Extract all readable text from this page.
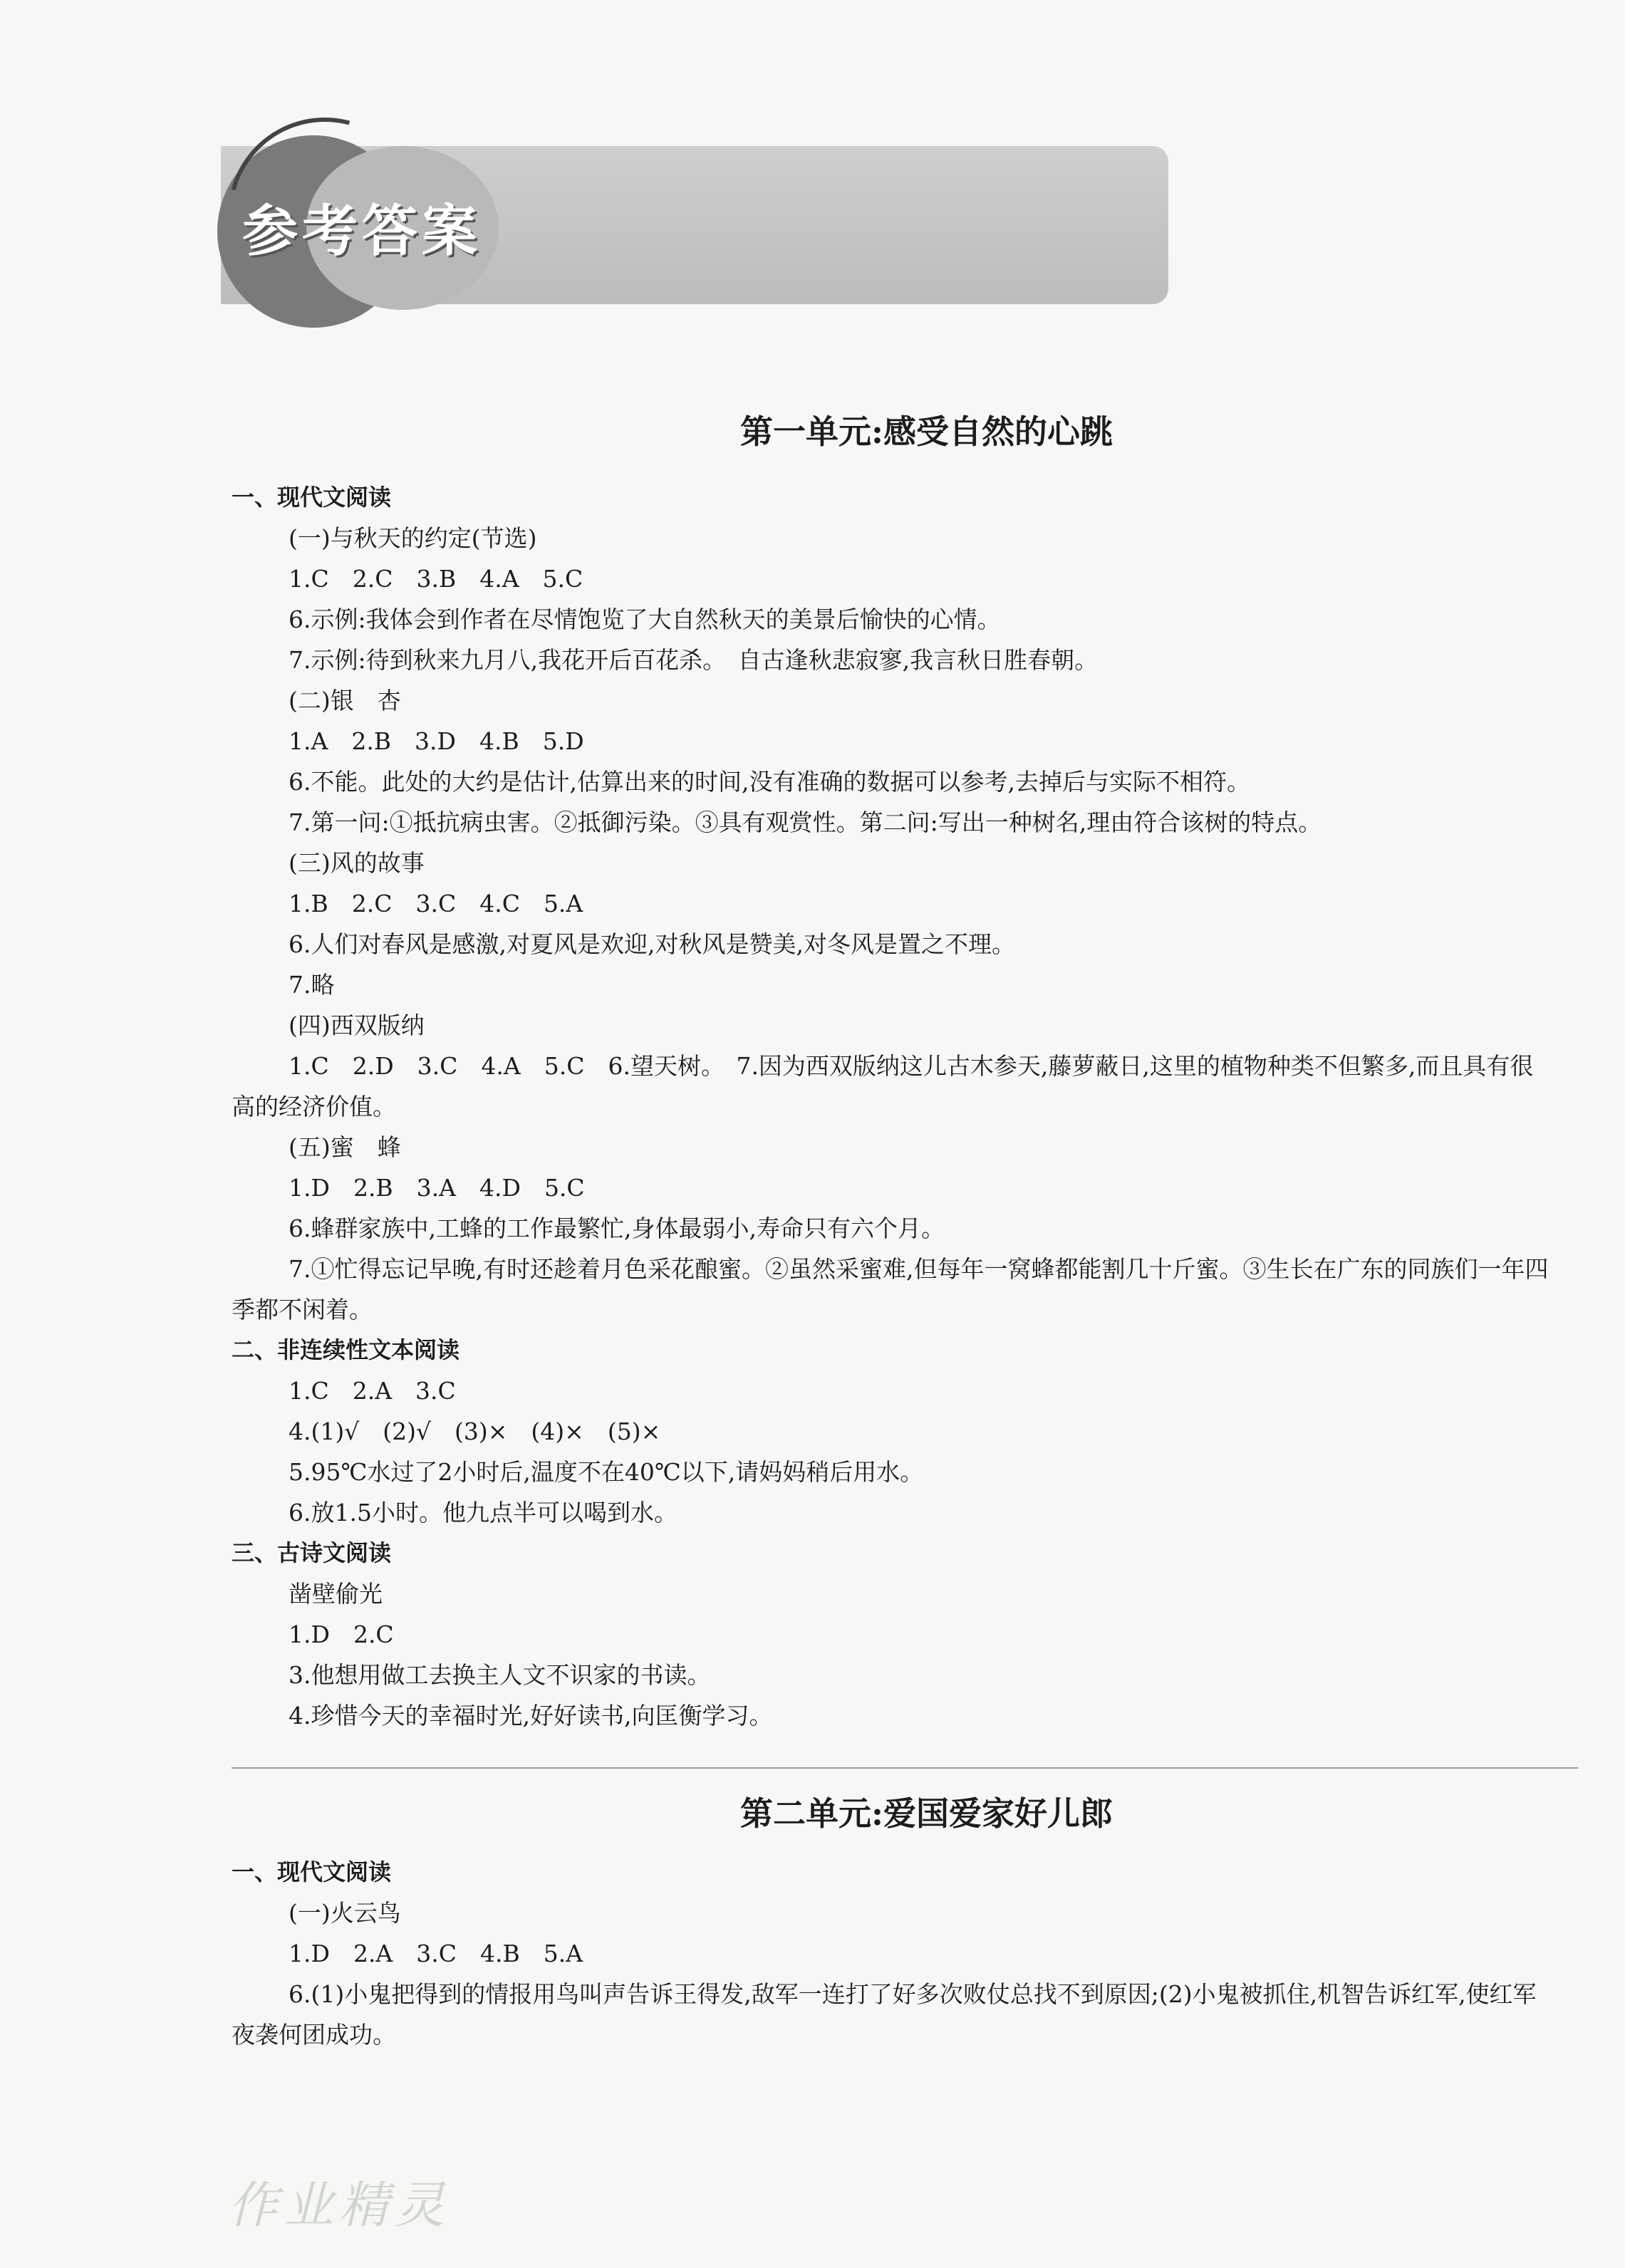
参考答案
第一单元:感受自然的心跳
一、现代文阅读
(一)与秋天的约定(节选)
1.C　2.C　3.B　4.A　5.C
6.示例:我体会到作者在尽情饱览了大自然秋天的美景后愉快的心情。
7.示例:待到秋来九月八,我花开后百花杀。　自古逢秋悲寂寥,我言秋日胜春朝。
(二)银　杏
1.A　2.B　3.D　4.B　5.D
6.不能。此处的大约是估计,估算出来的时间,没有准确的数据可以参考,去掉后与实际不相符。
7.第一问:①抵抗病虫害。②抵御污染。③具有观赏性。第二问:写出一种树名,理由符合该树的特点。
(三)风的故事
1.B　2.C　3.C　4.C　5.A
6.人们对春风是感激,对夏风是欢迎,对秋风是赞美,对冬风是置之不理。
7.略
(四)西双版纳
1.C　2.D　3.C　4.A　5.C　6.望天树。　7.因为西双版纳这儿古木参天,藤萝蔽日,这里的植物种类不但繁多,而且具有很高的经济价值。
(五)蜜　蜂
1.D　2.B　3.A　4.D　5.C
6.蜂群家族中,工蜂的工作最繁忙,身体最弱小,寿命只有六个月。
7.①忙得忘记早晚,有时还趁着月色采花酿蜜。②虽然采蜜难,但每年一窝蜂都能割几十斤蜜。③生长在广东的同族们一年四季都不闲着。
二、非连续性文本阅读
1.C　2.A　3.C
4.(1)√　(2)√　(3)×　(4)×　(5)×
5.95℃水过了2小时后,温度不在40℃以下,请妈妈稍后用水。
6.放1.5小时。他九点半可以喝到水。
三、古诗文阅读
凿壁偷光
1.D　2.C
3.他想用做工去换主人文不识家的书读。
4.珍惜今天的幸福时光,好好读书,向匡衡学习。
第二单元:爱国爱家好儿郎
一、现代文阅读
(一)火云鸟
1.D　2.A　3.C　4.B　5.A
6.(1)小鬼把得到的情报用鸟叫声告诉王得发,敌军一连打了好多次败仗总找不到原因;(2)小鬼被抓住,机智告诉红军,使红军夜袭何团成功。
作业精灵
